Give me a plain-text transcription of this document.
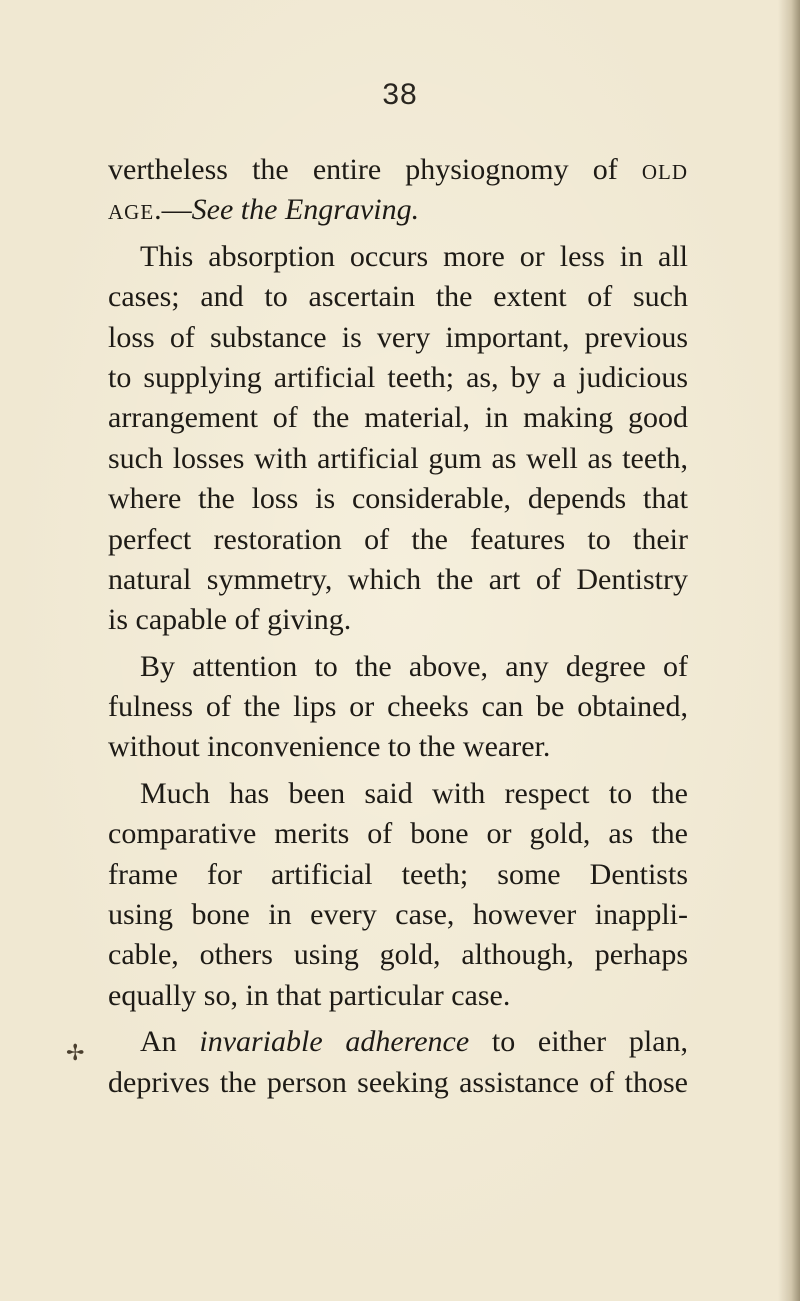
38
vertheless the entire physiognomy of old
age.—See the Engraving.
This absorption occurs more or less in all
cases; and to ascertain the extent of such
loss of substance is very important, previous
to supplying artificial teeth; as, by a judicious
arrangement of the material, in making good
such losses with artificial gum as well as teeth,
where the loss is considerable, depends that
perfect restoration of the features to their
natural symmetry, which the art of Dentistry
is capable of giving.
By attention to the above, any degree of
fulness of the lips or cheeks can be obtained,
without inconvenience to the wearer.
Much has been said with respect to the
comparative merits of bone or gold, as the
frame for artificial teeth; some Dentists
using bone in every case, however inappli-
cable, others using gold, although, perhaps
equally so, in that particular case.
An invariable adherence to either plan,
deprives the person seeking assistance of those
✢
